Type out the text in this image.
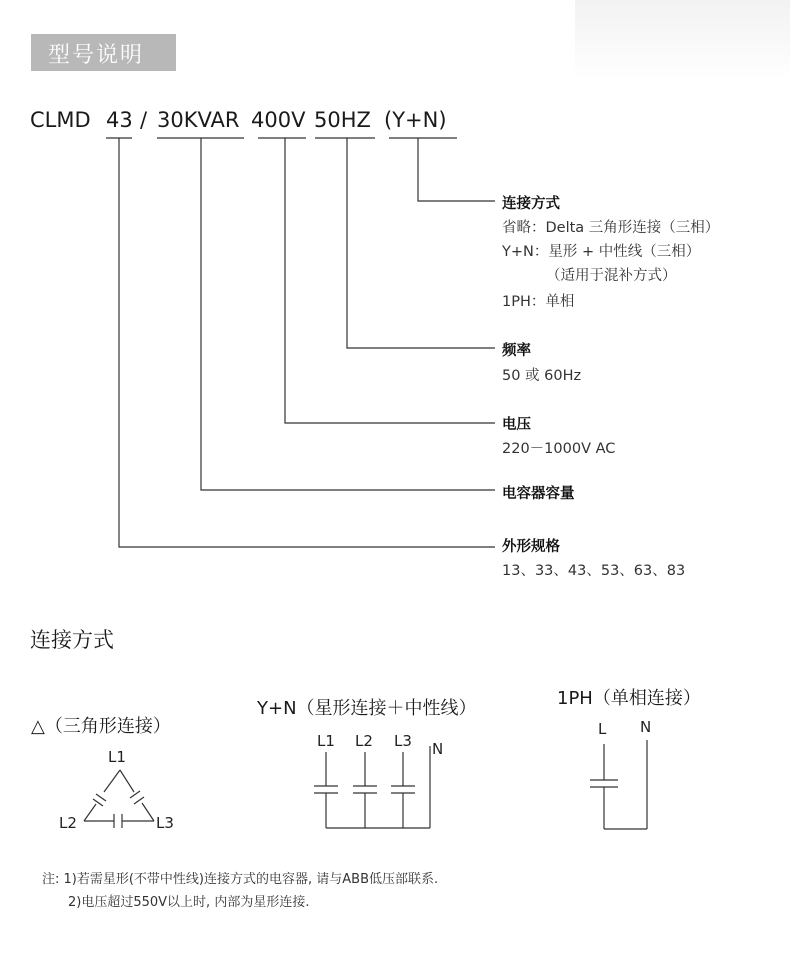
型号说明
CLMD 43 / 30KVAR 400V 50HZ (Y+N)
连接方式
省略：Delta 三角形连接（三相）
Y+N：星形 + 中性线（三相）
（适用于混补方式）
1PH：单相
频率
50 或 60Hz
电压
220－1000V AC
电容器容量
外形规格
13、33、43、53、63、83
连接方式
△（三角形连接）
Y+N（星形连接＋中性线）	1PH（单相连接）
L1
L2	L3
L1 L2 L3 N
L N
注: 1)若需星形(不带中性线)连接方式的电容器, 请与ABB低压部联系.
2)电压超过550V以上时, 内部为星形连接.
